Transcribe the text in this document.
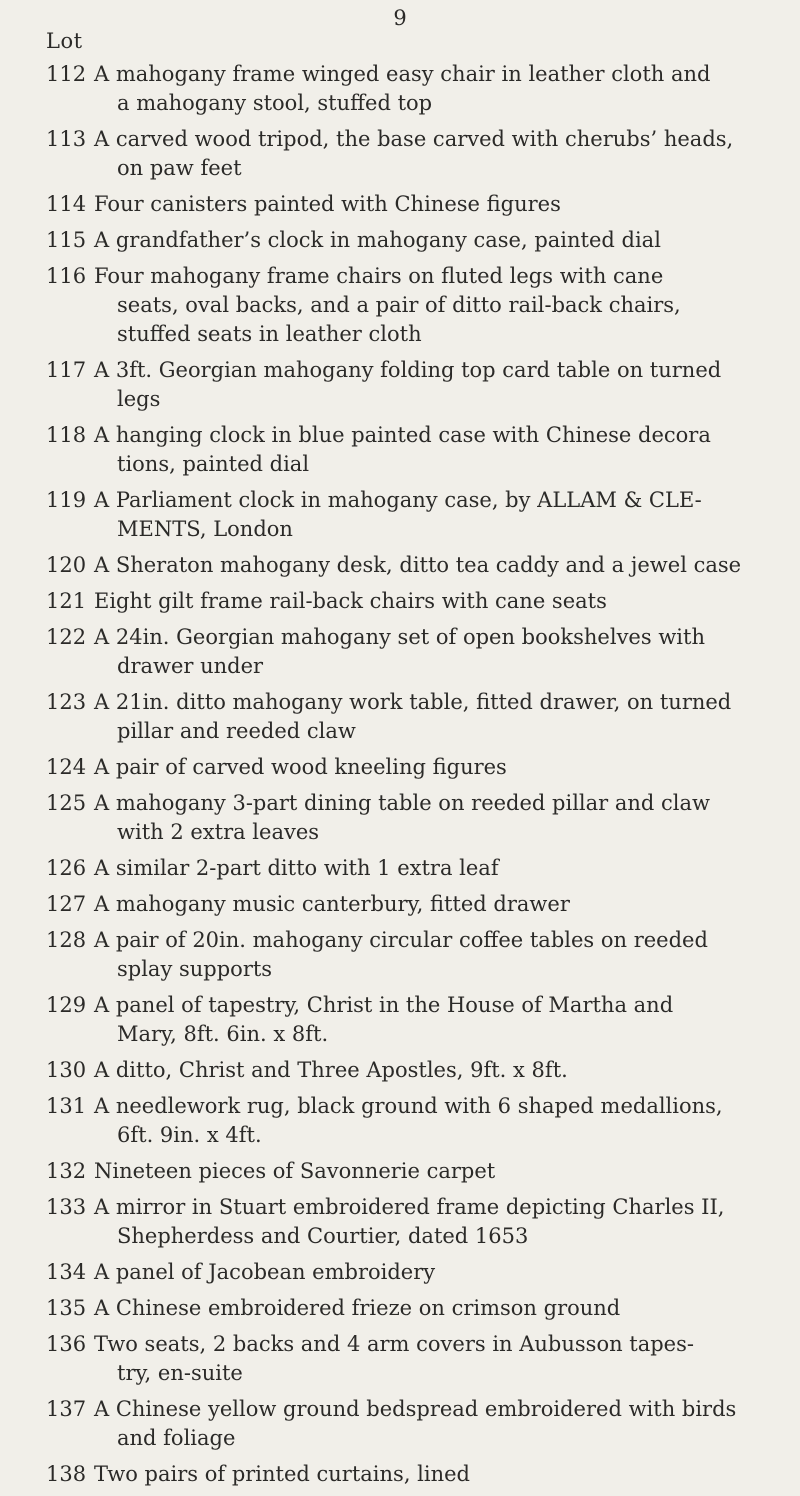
9
Lot
112 A mahogany frame winged easy chair in leather cloth and
a mahogany stool, stuffed top
113 A carved wood tripod, the base carved with cherubs’ heads,
on paw feet
114 Four canisters painted with Chinese figures
115 A grandfather’s clock in mahogany case, painted dial
116 Four mahogany frame chairs on fluted legs with cane
seats, oval backs, and a pair of ditto rail-back chairs,
stuffed seats in leather cloth
117 A 3ft. Georgian mahogany folding top card table on turned
legs
118 A hanging clock in blue painted case with Chinese decora
tions, painted dial
119 A Parliament clock in mahogany case, by ALLAM & CLE-
MENTS, London
120 A Sheraton mahogany desk, ditto tea caddy and a jewel case
121 Eight gilt frame rail-back chairs with cane seats
122 A 24in. Georgian mahogany set of open bookshelves with
drawer under
123 A 21in. ditto mahogany work table, fitted drawer, on turned
pillar and reeded claw
124 A pair of carved wood kneeling figures
125 A mahogany 3-part dining table on reeded pillar and claw
with 2 extra leaves
126 A similar 2-part ditto with 1 extra leaf
127 A mahogany music canterbury, fitted drawer
128 A pair of 20in. mahogany circular coffee tables on reeded
splay supports
129 A panel of tapestry, Christ in the House of Martha and
Mary, 8ft. 6in. x 8ft.
130 A ditto, Christ and Three Apostles, 9ft. x 8ft.
131 A needlework rug, black ground with 6 shaped medallions,
6ft. 9in. x 4ft.
132 Nineteen pieces of Savonnerie carpet
133 A mirror in Stuart embroidered frame depicting Charles II,
Shepherdess and Courtier, dated 1653
134 A panel of Jacobean embroidery
135 A Chinese embroidered frieze on crimson ground
136 Two seats, 2 backs and 4 arm covers in Aubusson tapes-
try, en-suite
137 A Chinese yellow ground bedspread embroidered with birds
and foliage
138 Two pairs of printed curtains, lined
